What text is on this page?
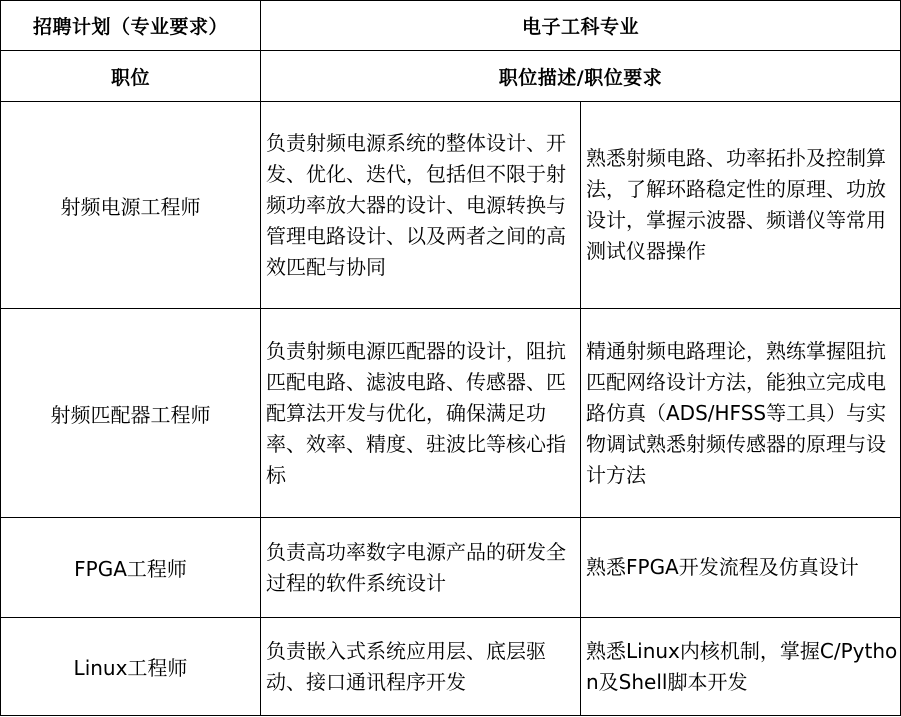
招聘计划（专业要求）	电子工科专业	
职位	职位描述/职位要求	
射频电源工程师	负责射频电源系统的整体设计、开发、优化、迭代，包括但不限于射频功率放大器的设计、电源转换与管理电路设计、以及两者之间的高效匹配与协同	熟悉射频电路、功率拓扑及控制算法，了解环路稳定性的原理、功放设计，掌握示波器、频谱仪等常用测试仪器操作
射频匹配器工程师	负责射频电源匹配器的设计，阻抗匹配电路、滤波电路、传感器、匹配算法开发与优化，确保满足功率、效率、精度、驻波比等核心指标	精通射频电路理论，熟练掌握阻抗匹配网络设计方法，能独立完成电路仿真（ADS/HFSS等工具）与实物调试熟悉射频传感器的原理与设计方法
FPGA工程师	负责高功率数字电源产品的研发全过程的软件系统设计	熟悉FPGA开发流程及仿真设计
Linux工程师	负责嵌入式系统应用层、底层驱动、接口通讯程序开发	熟悉Linux内核机制，掌握C/Python及Shell脚本开发
